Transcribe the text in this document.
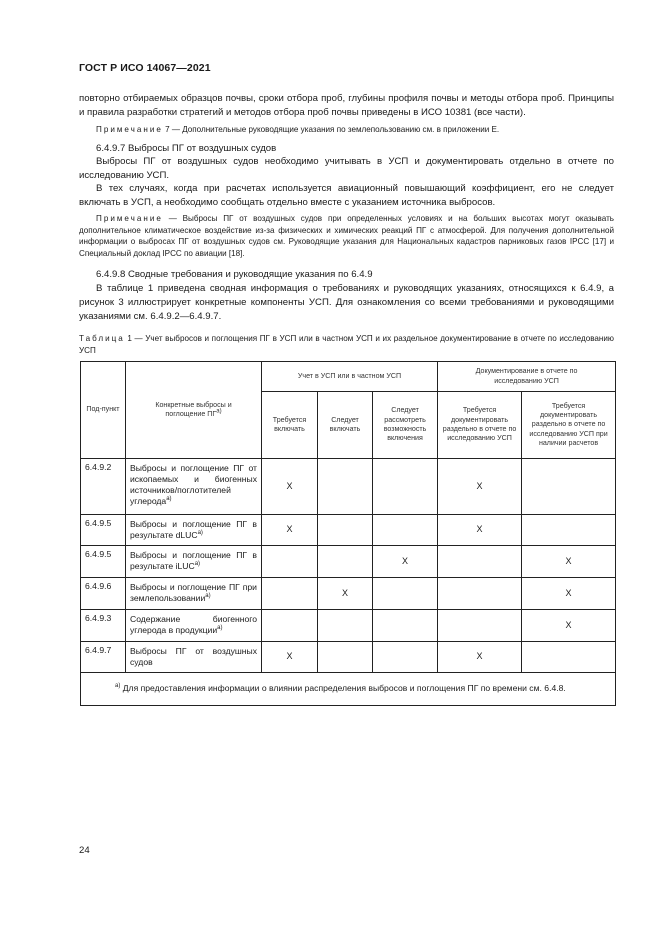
ГОСТ Р ИСО 14067—2021

повторно отбираемых образцов почвы, сроки отбора проб, глубины профиля почвы и методы отбора проб. Принципы и правила разработки стратегий и методов отбора проб почвы приведены в ИСО 10381 (все части).

Примечание 7 — Дополнительные руководящие указания по землепользованию см. в приложении Е.
6.4.9.7 Выбросы ПГ от воздушных судов
Выбросы ПГ от воздушных судов необходимо учитывать в УСП и документировать отдельно в отчете по исследованию УСП.
В тех случаях, когда при расчетах используется авиационный повышающий коэффициент, его не следует включать в УСП, а необходимо сообщать отдельно вместе с указанием источника выбросов.
Примечание — Выбросы ПГ от воздушных судов при определенных условиях и на больших высотах могут оказывать дополнительное климатическое воздействие из-за физических и химических реакций ПГ с атмосферой. Для получения дополнительной информации о выбросах ПГ от воздушных судов см. Руководящие указания для Национальных кадастров парниковых газов IPCC [17] и Специальный доклад IPCC по авиации [18].
6.4.9.8 Сводные требования и руководящие указания по 6.4.9
В таблице 1 приведена сводная информация о требованиях и руководящих указаниях, относящихся к 6.4.9, а рисунок 3 иллюстрирует конкретные компоненты УСП. Для ознакомления со всеми требованиями и руководящими указаниями см. 6.4.9.2—6.4.9.7.
Таблица 1 — Учет выбросов и поглощения ПГ в УСП или в частном УСП и их раздельное документирование в отчете по исследованию УСП
Под-пункт	Конкретные выбросы и поглощение ПГ$^{a)}$	Учет в УСП или в частном УСП			Документирование в отчете по исследованию УСП	
		Требуется включать	Следует включать	Следует рассмотреть возможность включения	Требуется документировать раздельно в отчете по исследованию УСП	Требуется документировать раздельно в отчете по исследованию УСП при наличии расчетов
6.4.9.2	Выбросы и поглощение ПГ от ископаемых и биогенных источников/поглотителей углерода$^{a)}$	X			X	
6.4.9.5	Выбросы и поглощение ПГ в результате dLUC$^{a)}$	X			X	
6.4.9.5	Выбросы и поглощение ПГ в результате iLUC$^{a)}$			X		X
6.4.9.6	Выбросы и поглощение ПГ при землепользовании$^{a)}$		X			X
6.4.9.3	Содержание биогенного углерода в продукции$^{a)}$					X
6.4.9.7	Выбросы ПГ от воздушных судов	X			X	
$^{a)}$ Для предоставления информации о влиянии распределения выбросов и поглощения ПГ по времени см. 6.4.8.						
24
